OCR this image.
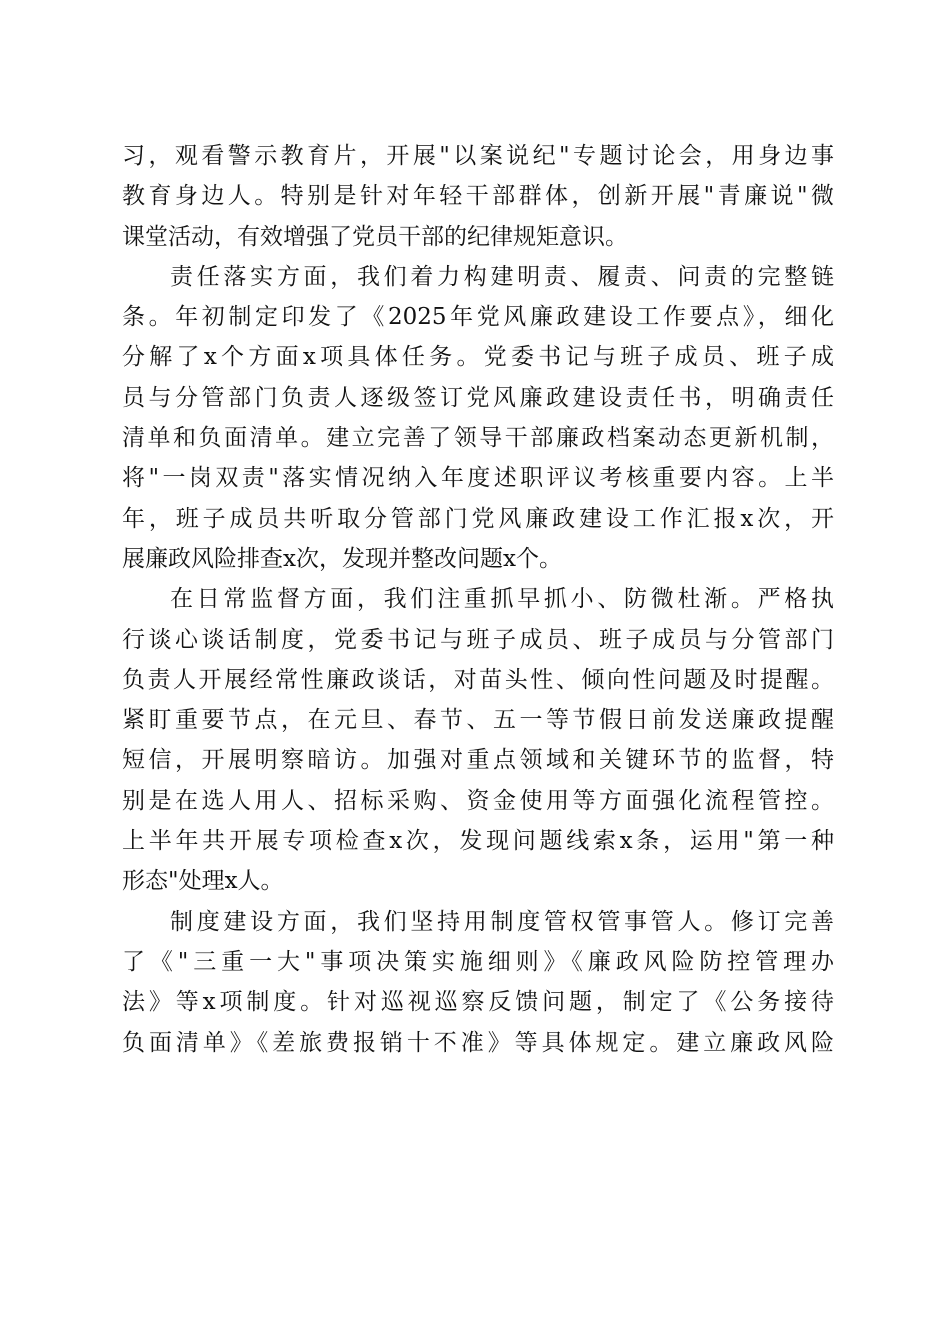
习，观看警示教育片，开展"以案说纪"专题讨论会，用身边事
教育身边人。特别是针对年轻干部群体，创新开展"青廉说"微
课堂活动，有效增强了党员干部的纪律规矩意识。
责任落实方面，我们着力构建明责、履责、问责的完整链
条。年初制定印发了《2025年党风廉政建设工作要点》，细化
分解了x个方面x项具体任务。党委书记与班子成员、班子成
员与分管部门负责人逐级签订党风廉政建设责任书，明确责任
清单和负面清单。建立完善了领导干部廉政档案动态更新机制，
将"一岗双责"落实情况纳入年度述职评议考核重要内容。上半
年，班子成员共听取分管部门党风廉政建设工作汇报x次，开
展廉政风险排查x次，发现并整改问题x个。
在日常监督方面，我们注重抓早抓小、防微杜渐。严格执
行谈心谈话制度，党委书记与班子成员、班子成员与分管部门
负责人开展经常性廉政谈话，对苗头性、倾向性问题及时提醒。
紧盯重要节点，在元旦、春节、五一等节假日前发送廉政提醒
短信，开展明察暗访。加强对重点领域和关键环节的监督，特
别是在选人用人、招标采购、资金使用等方面强化流程管控。
上半年共开展专项检查x次，发现问题线索x条，运用"第一种
形态"处理x人。
制度建设方面，我们坚持用制度管权管事管人。修订完善
了《"三重一大"事项决策实施细则》《廉政风险防控管理办
法》等x项制度。针对巡视巡察反馈问题，制定了《公务接待
负面清单》《差旅费报销十不准》等具体规定。建立廉政风险
